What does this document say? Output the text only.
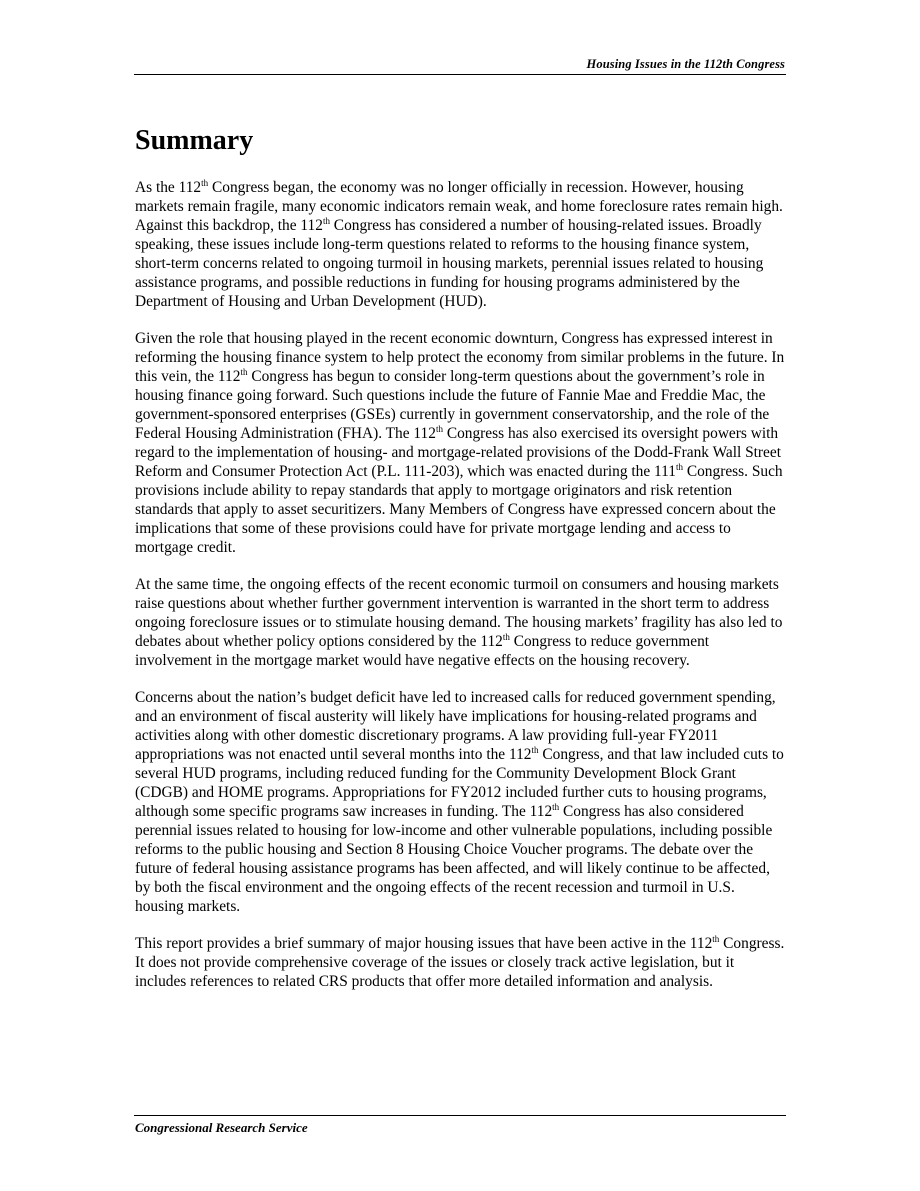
Housing Issues in the 112th Congress
Summary

As the 112th Congress began, the economy was no longer officially in recession. However, housing markets remain fragile, many economic indicators remain weak, and home foreclosure rates remain high. Against this backdrop, the 112th Congress has considered a number of housing-related issues. Broadly speaking, these issues include long-term questions related to reforms to the housing finance system, short-term concerns related to ongoing turmoil in housing markets, perennial issues related to housing assistance programs, and possible reductions in funding for housing programs administered by the Department of Housing and Urban Development (HUD).

Given the role that housing played in the recent economic downturn, Congress has expressed interest in reforming the housing finance system to help protect the economy from similar problems in the future. In this vein, the 112th Congress has begun to consider long-term questions about the government’s role in housing finance going forward. Such questions include the future of Fannie Mae and Freddie Mac, the government-sponsored enterprises (GSEs) currently in government conservatorship, and the role of the Federal Housing Administration (FHA). The 112th Congress has also exercised its oversight powers with regard to the implementation of housing- and mortgage-related provisions of the Dodd-Frank Wall Street Reform and Consumer Protection Act (P.L. 111-203), which was enacted during the 111th Congress. Such provisions include ability to repay standards that apply to mortgage originators and risk retention standards that apply to asset securitizers. Many Members of Congress have expressed concern about the implications that some of these provisions could have for private mortgage lending and access to mortgage credit.

At the same time, the ongoing effects of the recent economic turmoil on consumers and housing markets raise questions about whether further government intervention is warranted in the short term to address ongoing foreclosure issues or to stimulate housing demand. The housing markets’ fragility has also led to debates about whether policy options considered by the 112th Congress to reduce government involvement in the mortgage market would have negative effects on the housing recovery.

Concerns about the nation’s budget deficit have led to increased calls for reduced government spending, and an environment of fiscal austerity will likely have implications for housing-related programs and activities along with other domestic discretionary programs. A law providing full-year FY2011 appropriations was not enacted until several months into the 112th Congress, and that law included cuts to several HUD programs, including reduced funding for the Community Development Block Grant (CDGB) and HOME programs. Appropriations for FY2012 included further cuts to housing programs, although some specific programs saw increases in funding. The 112th Congress has also considered perennial issues related to housing for low-income and other vulnerable populations, including possible reforms to the public housing and Section 8 Housing Choice Voucher programs. The debate over the future of federal housing assistance programs has been affected, and will likely continue to be affected, by both the fiscal environment and the ongoing effects of the recent recession and turmoil in U.S. housing markets.

This report provides a brief summary of major housing issues that have been active in the 112th Congress. It does not provide comprehensive coverage of the issues or closely track active legislation, but it includes references to related CRS products that offer more detailed information and analysis.

Congressional Research Service
